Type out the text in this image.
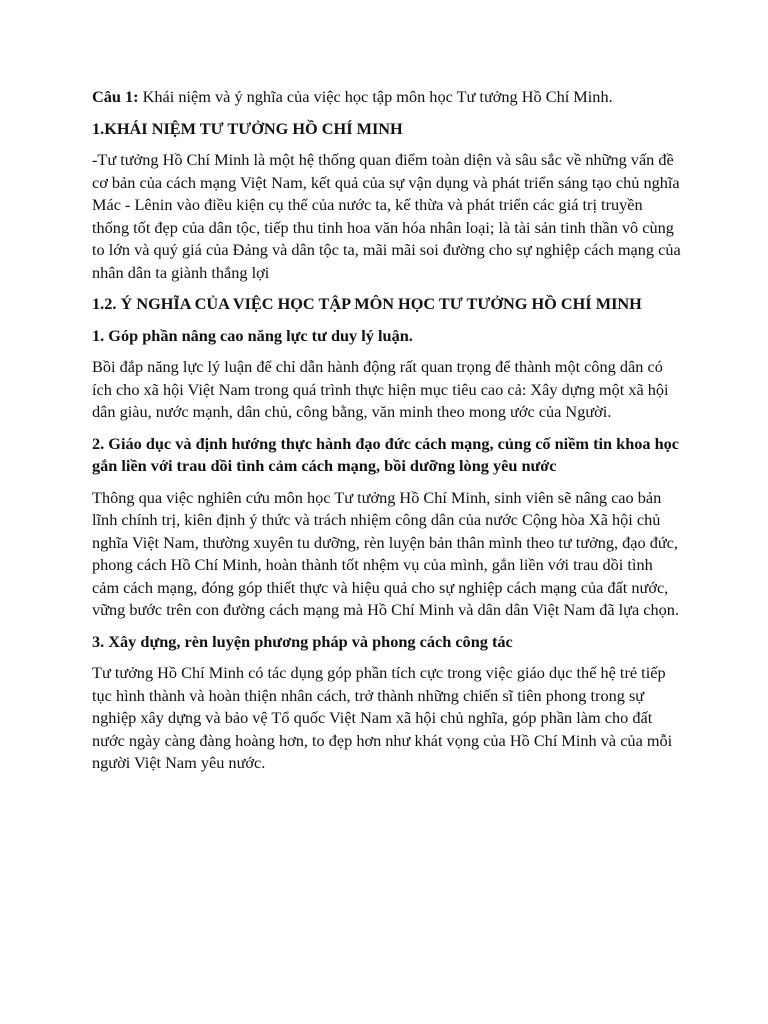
Câu 1: Khái niệm và ý nghĩa của việc học tập môn học Tư tưởng Hồ Chí Minh.

1.KHÁI NIỆM TƯ TƯỞNG HỒ CHÍ MINH

-Tư tưởng Hồ Chí Minh là một hệ thống quan điểm toàn diện và sâu sắc về những vấn đề cơ bản của cách mạng Việt Nam, kết quả của sự vận dụng và phát triển sáng tạo chủ nghĩa Mác - Lênin vào điều kiện cụ thể của nước ta, kế thừa và phát triển các giá trị truyền thống tốt đẹp của dân tộc, tiếp thu tinh hoa văn hóa nhân loại; là tài sản tinh thần vô cùng to lớn và quý giá của Đảng và dân tộc ta, mãi mãi soi đường cho sự nghiệp cách mạng của nhân dân ta giành thắng lợi

1.2. Ý NGHĨA CỦA VIỆC HỌC TẬP MÔN HỌC TƯ TƯỞNG HỒ CHÍ MINH

1. Góp phần nâng cao năng lực tư duy lý luận.

Bồi đắp năng lực lý luận để chỉ dẫn hành động rất quan trọng để thành một công dân có ích cho xã hội Việt Nam trong quá trình thực hiện mục tiêu cao cả: Xây dựng một xã hội dân giàu, nước mạnh, dân chủ, công bằng, văn minh theo mong ước của Người.

2. Giáo dục và định hướng thực hành đạo đức cách mạng, củng cố niềm tin khoa học gắn liền với trau dồi tình cảm cách mạng, bồi dưỡng lòng yêu nước

Thông qua việc nghiên cứu môn học Tư tưởng Hồ Chí Minh, sinh viên sẽ nâng cao bản lĩnh chính trị, kiên định ý thức và trách nhiệm công dân của nước Cộng hòa Xã hội chủ nghĩa Việt Nam, thường xuyên tu dưỡng, rèn luyện bản thân mình theo tư tưởng, đạo đức, phong cách Hồ Chí Minh, hoàn thành tốt nhệm vụ của mình, gắn liền với trau dồi tình cảm cách mạng, đóng góp thiết thực và hiệu quả cho sự nghiệp cách mạng của đất nước, vững bước trên con đường cách mạng mà Hồ Chí Minh và dân dân Việt Nam đã lựa chọn.

3. Xây dựng, rèn luyện phương pháp và phong cách công tác

Tư tưởng Hồ Chí Minh có tác dụng góp phần tích cực trong việc giáo dục thế hệ trẻ tiếp tục hình thành và hoàn thiện nhân cách, trở thành những chiến sĩ tiên phong trong sự nghiệp xây dựng và bảo vệ Tổ quốc Việt Nam xã hội chủ nghĩa, góp phần làm cho đất nước ngày càng đàng hoàng hơn, to đẹp hơn như khát vọng của Hồ Chí Minh và của mỗi người Việt Nam yêu nước.
